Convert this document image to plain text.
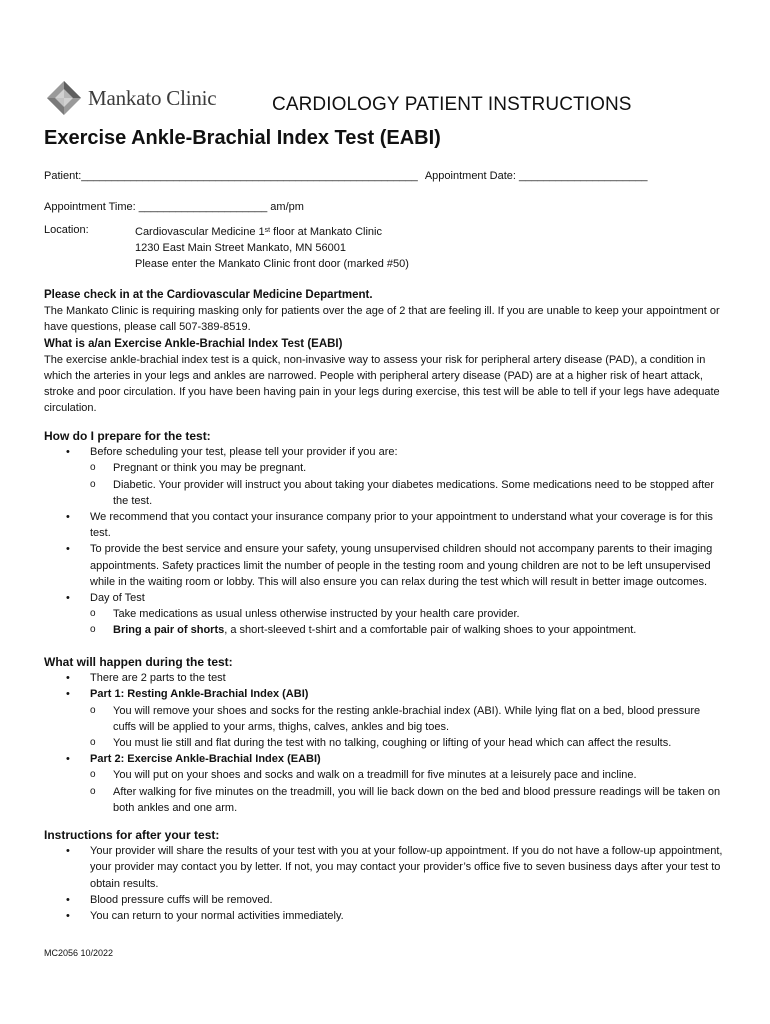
Mankato Clinic	CARDIOLOGY PATIENT INSTRUCTIONS
Exercise Ankle-Brachial Index Test (EABI)
Patient:_______________________________________________________ Appointment Date: _____________________
Appointment Time: _____________________ am/pm
Location:	Cardiovascular Medicine 1st floor at Mankato Clinic
1230 East Main Street Mankato, MN 56001
Please enter the Mankato Clinic front door (marked #50)

Please check in at the Cardiovascular Medicine Department.

The Mankato Clinic is requiring masking only for patients over the age of 2 that are feeling ill. If you are unable to keep your appointment or have questions, please call 507-389-8519.

What is a/an Exercise Ankle-Brachial Index Test (EABI)

The exercise ankle-brachial index test is a quick, non-invasive way to assess your risk for peripheral artery disease (PAD), a condition in which the arteries in your legs and ankles are narrowed. People with peripheral artery disease (PAD) are at a higher risk of heart attack, stroke and poor circulation. If you have been having pain in your legs during exercise, this test will be able to tell if your legs have adequate circulation.

How do I prepare for the test:

• Before scheduling your test, please tell your provider if you are:
o Pregnant or think you may be pregnant.
o Diabetic. Your provider will instruct you about taking your diabetes medications. Some medications need to be stopped after the test.
• We recommend that you contact your insurance company prior to your appointment to understand what your coverage is for this test.
• To provide the best service and ensure your safety, young unsupervised children should not accompany parents to their imaging appointments. Safety practices limit the number of people in the testing room and young children are not to be left unsupervised while in the waiting room or lobby. This will also ensure you can relax during the test which will result in better image outcomes.
• Day of Test
o Take medications as usual unless otherwise instructed by your health care provider.
o Bring a pair of shorts, a short-sleeved t-shirt and a comfortable pair of walking shoes to your appointment.

What will happen during the test:

• There are 2 parts to the test
• Part 1: Resting Ankle-Brachial Index (ABI)
o You will remove your shoes and socks for the resting ankle-brachial index (ABI). While lying flat on a bed, blood pressure cuffs will be applied to your arms, thighs, calves, ankles and big toes.
o You must lie still and flat during the test with no talking, coughing or lifting of your head which can affect the results.
• Part 2: Exercise Ankle-Brachial Index (EABI)
o You will put on your shoes and socks and walk on a treadmill for five minutes at a leisurely pace and incline.
o After walking for five minutes on the treadmill, you will lie back down on the bed and blood pressure readings will be taken on both ankles and one arm.

Instructions for after your test:

• Your provider will share the results of your test with you at your follow-up appointment. If you do not have a follow-up appointment, your provider may contact you by letter. If not, you may contact your provider’s office five to seven business days after your test to obtain results.
• Blood pressure cuffs will be removed.
• You can return to your normal activities immediately.
MC2056 10/2022
